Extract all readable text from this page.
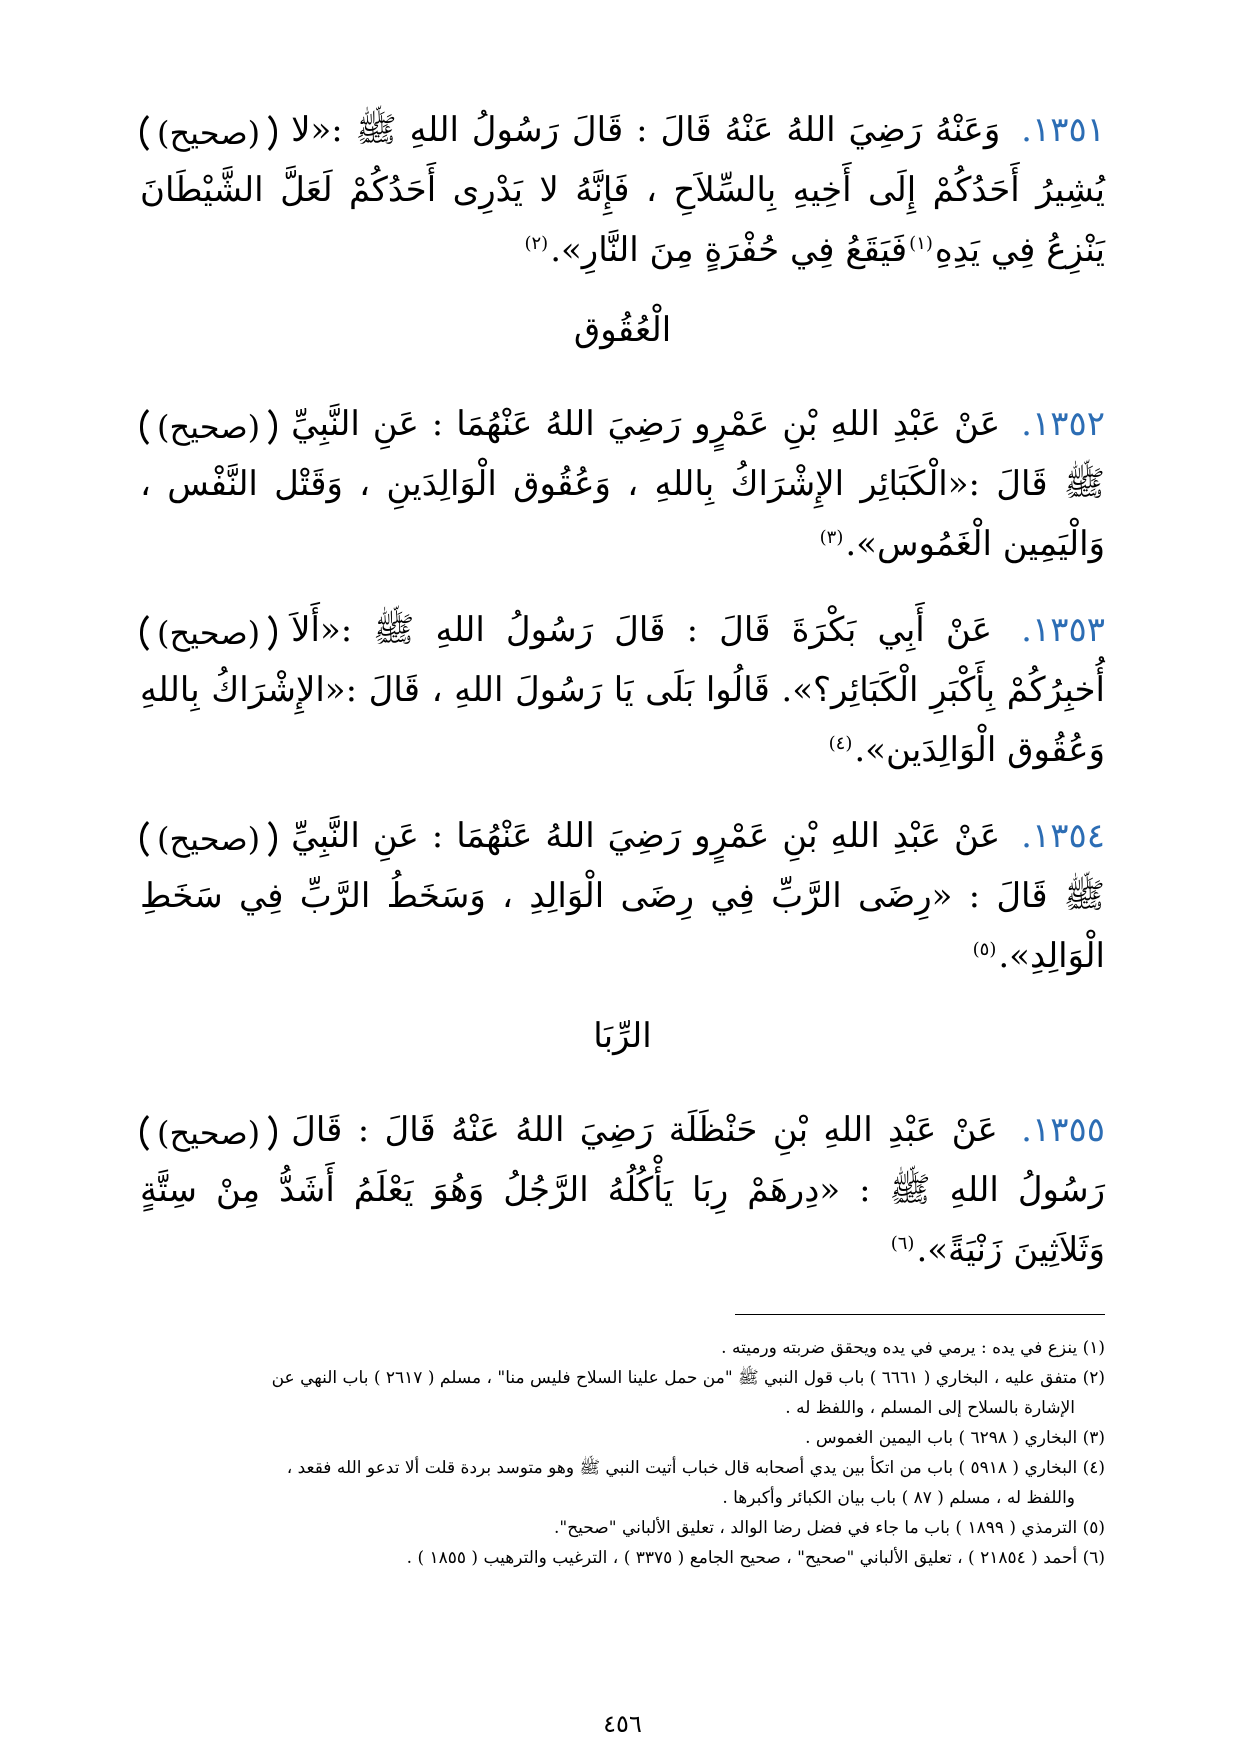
(صحيح)	١٣٥١. وَعَنْهُ رَضِيَ اللهُ عَنْهُ قَالَ : قَالَ رَسُولُ اللهِ ﷺ :«لا يُشِيرُ أَحَدُكُمْ إِلَى أَخِيهِ بِالسِّلاَحِ ، فَإِنَّهُ لا يَدْرِى أَحَدُكُمْ لَعَلَّ الشَّيْطَانَ يَنْزِعُ فِي يَدِهِ$^{(١)}$فَيَقَعُ فِي حُفْرَةٍ مِنَ النَّارِ».$^{(٢)}$

الْعُقُوق

(صحيح)	١٣٥٢. عَنْ عَبْدِ اللهِ بْنِ عَمْرٍو رَضِيَ اللهُ عَنْهُمَا : عَنِ النَّبِيِّ ﷺ قَالَ :«الْكَبَائِر الإِشْرَاكُ بِاللهِ ، وَعُقُوق الْوَالِدَينِ ، وَقَتْل النَّفْس ، وَالْيَمِين الْغَمُوس».$^{(٣)}$

(صحيح)	١٣٥٣. عَنْ أَبِي بَكْرَةَ قَالَ : قَالَ رَسُولُ اللهِ ﷺ :«أَلاَ أُخبِرُكُمْ بِأَكْبَرِ الْكَبَائِر؟». قَالُوا بَلَى يَا رَسُولَ اللهِ ، قَالَ :«الإِشْرَاكُ بِاللهِ وَعُقُوق الْوَالِدَين».$^{(٤)}$

(صحيح)	١٣٥٤. عَنْ عَبْدِ اللهِ بْنِ عَمْرٍو رَضِيَ اللهُ عَنْهُمَا : عَنِ النَّبِيِّ ﷺ قَالَ : «رِضَى الرَّبِّ فِي رِضَى الْوَالِدِ ، وَسَخَطُ الرَّبِّ فِي سَخَطِ الْوَالِدِ».$^{(٥)}$

الرِّبَا

(صحيح)	١٣٥٥. عَنْ عَبْدِ اللهِ بْنِ حَنْظَلَة رَضِيَ اللهُ عَنْهُ قَالَ : قَالَ رَسُولُ اللهِ ﷺ : «دِرهَمْ رِبَا يَأْكُلُهُ الرَّجُلُ وَهُوَ يَعْلَمُ أَشَدُّ مِنْ سِتَّةٍ وَثَلاَثِينَ زَنْيَةً».$^{(٦)}$

(١) ينزع في يده : يرمي في يده ويحقق ضربته ورميته .
(٢) متفق عليه ، البخاري ( ٦٦٦١ ) باب قول النبي ﷺ "من حمل علينا السلاح فليس منا" ، مسلم ( ٢٦١٧ ) باب النهي عن
الإشارة بالسلاح إلى المسلم ، واللفظ له .
(٣) البخاري ( ٦٢٩٨ ) باب اليمين الغموس .
(٤) البخاري ( ٥٩١٨ ) باب من اتكأ بين يدي أصحابه قال خباب أتيت النبي ﷺ وهو متوسد بردة قلت ألا تدعو الله فقعد ،
واللفظ له ، مسلم ( ٨٧ ) باب بيان الكبائر وأكبرها .
(٥) الترمذي ( ١٨٩٩ ) باب ما جاء في فضل رضا الوالد ، تعليق الألباني "صحيح".
(٦) أحمد ( ٢١٨٥٤ ) ، تعليق الألباني "صحيح" ، صحيح الجامع ( ٣٣٧٥ ) ، الترغيب والترهيب ( ١٨٥٥ ) .
٤٥٦
